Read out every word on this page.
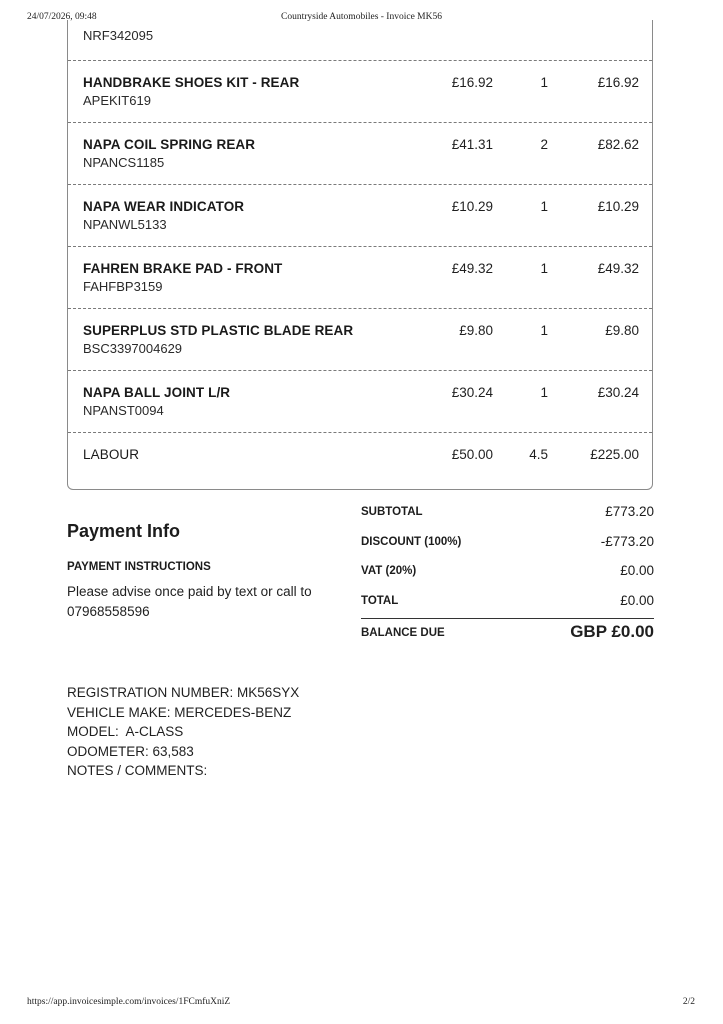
24/07/2026, 09:48	Countryside Automobiles - Invoice MK56
NRF342095
HANDBRAKE SHOES KIT - REAR
APEKIT619
£16.92	1	£16.92
NAPA COIL SPRING REAR
NPANCS1185
£41.31	2	£82.62
NAPA WEAR INDICATOR
NPANWL5133
£10.29	1	£10.29
FAHREN BRAKE PAD - FRONT
FAHFBP3159
£49.32	1	£49.32
SUPERPLUS STD PLASTIC BLADE REAR
BSC3397004629
£9.80	1	£9.80
NAPA BALL JOINT L/R
NPANST0094
£30.24	1	£30.24
LABOUR	£50.00	4.5	£225.00
Payment Info
PAYMENT INSTRUCTIONS
Please advise once paid by text or call to 07968558596
SUBTOTAL	£773.20
DISCOUNT (100%)	-£773.20
VAT (20%)	£0.00
TOTAL	£0.00
BALANCE DUE	GBP £0.00
REGISTRATION NUMBER: MK56SYX
VEHICLE MAKE: MERCEDES-BENZ
MODEL:  A-CLASS
ODOMETER: 63,583
NOTES / COMMENTS:
https://app.invoicesimple.com/invoices/1FCmfuXniZ	2/2
